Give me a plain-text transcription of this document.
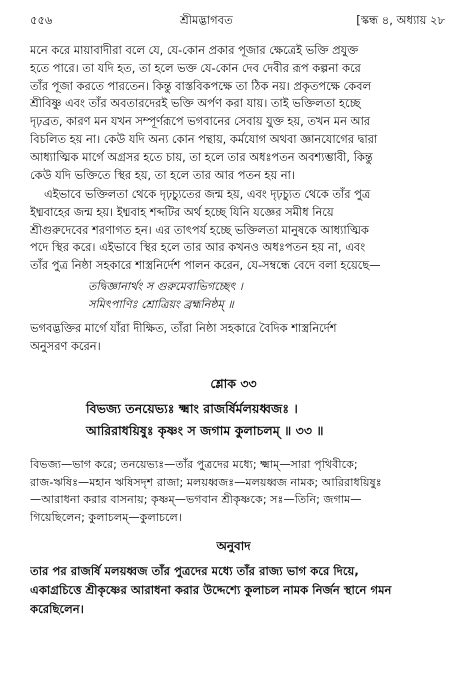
৫৫৬	শ্রীমদ্ভাগবত	[স্কন্ধ ৪, অধ্যায় ২৮
মনে করে মায়াবাদীরা বলে যে, যে-কোন প্রকার পূজার ক্ষেত্রেই ভক্তি প্রযুক্ত
হতে পারে। তা যদি হত, তা হলে ভক্ত যে-কোন দেব দেবীর রূপ কল্পনা করে
তাঁর পূজা করতে পারতেন। কিন্তু বাস্তবিকপক্ষে তা ঠিক নয়। প্রকৃতপক্ষে কেবল
শ্রীবিষ্ণু এবং তাঁর অবতারদেরই ভক্তি অর্পণ করা যায়। তাই ভক্তিলতা হচ্ছে
দৃঢ়ব্রত, কারণ মন যখন সম্পূর্ণরূপে ভগবানের সেবায় যুক্ত হয়, তখন মন আর
বিচলিত হয় না। কেউ যদি অন্য কোন পন্থায়, কর্মযোগ অথবা জ্ঞানযোগের দ্বারা
আধ্যাত্মিক মার্গে অগ্রসর হতে চায়, তা হলে তার অধঃপতন অবশ্যম্ভাবী, কিন্তু
কেউ যদি ভক্তিতে স্থির হয়, তা হলে তার আর পতন হয় না।
এইভাবে ভক্তিলতা থেকে দৃঢ়চ্যুতের জন্ম হয়, এবং দৃঢ়চ্যুত থেকে তাঁর পুত্র
ইধ্মবাহের জন্ম হয়। ইধ্মবাহ শব্দটির অর্থ হচ্ছে যিনি যজ্ঞের সমীধ নিয়ে
শ্রীগুরুদেবের শরণাগত হন। এর তাৎপর্য হচ্ছে ভক্তিলতা মানুষকে আধ্যাত্মিক
পদে স্থির করে। এইভাবে স্থির হলে তার আর কখনও অধঃপতন হয় না, এবং
তাঁর পুত্র নিষ্ঠা সহকারে শাস্ত্রনির্দেশ পালন করেন, যে-সম্বন্ধে বেদে বলা হয়েছে—
তদ্বিজ্ঞানার্থং স গুরুমেবাভিগচ্ছেৎ ।
সমিৎপাণিঃ শ্রোত্রিয়ং ব্রহ্মনিষ্ঠম্ ॥
ভগবদ্ভক্তির মার্গে যাঁরা দীক্ষিত, তাঁরা নিষ্ঠা সহকারে বৈদিক শাস্ত্রনির্দেশ
অনুসরণ করেন।
শ্লোক ৩৩
বিভজ্য তনয়েভ্যঃ ক্ষ্মাং রাজর্ষির্মলয়ধ্বজঃ ।
আরিরাধয়িষুঃ কৃষ্ণং স জগাম কুলাচলম্ ॥ ৩৩ ॥
বিভজ্য—ভাগ করে; তনয়েভ্যঃ—তাঁর পুত্রদের মধ্যে; ক্ষ্মাম্—সারা পৃথিবীকে;
রাজ-ঋষিঃ—মহান ঋষিসদৃশ রাজা; মলয়ধ্বজঃ—মলয়ধ্বজ নামক; আরিরাধয়িষুঃ
—আরাধনা করার বাসনায়; কৃষ্ণম্—ভগবান শ্রীকৃষ্ণকে; সঃ—তিনি; জগাম—
গিয়েছিলেন; কুলাচলম্—কুলাচলে।
অনুবাদ
তার পর রাজর্ষি মলয়ধ্বজ তাঁর পুত্রদের মধ্যে তাঁর রাজ্য ভাগ করে দিয়ে,
একাগ্রচিত্তে শ্রীকৃষ্ণের আরাধনা করার উদ্দেশ্যে কুলাচল নামক নির্জন স্থানে গমন
করেছিলেন।
